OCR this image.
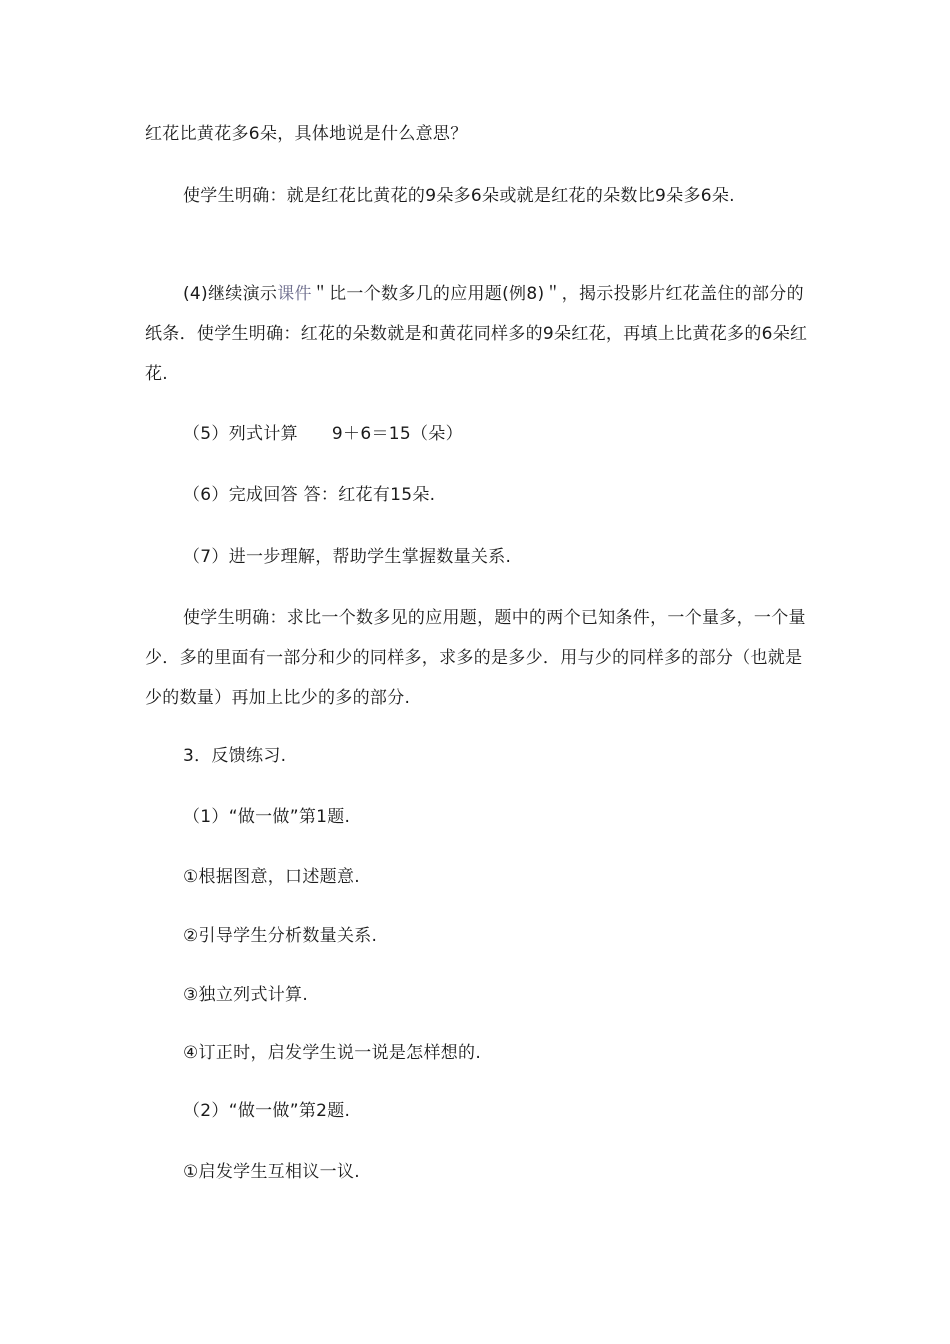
红花比黄花多6朵，具体地说是什么意思？

使学生明确：就是红花比黄花的9朵多6朵或就是红花的朵数比9朵多6朵.

(4)继续演示课件＂比一个数多几的应用题(例8)＂，揭示投影片红花盖住的部分的纸条．使学生明确：红花的朵数就是和黄花同样多的9朵红花，再填上比黄花多的6朵红花.

（5）列式计算 9＋6＝15（朵）

（6）完成回答 答：红花有15朵.

（7）进一步理解，帮助学生掌握数量关系.

使学生明确：求比一个数多见的应用题，题中的两个已知条件，一个量多，一个量少．多的里面有一部分和少的同样多，求多的是多少．用与少的同样多的部分（也就是少的数量）再加上比少的多的部分.

3．反馈练习.

（1）“做一做”第1题.

①根据图意，口述题意.

②引导学生分析数量关系.

③独立列式计算.

④订正时，启发学生说一说是怎样想的.

（2）“做一做”第2题.

①启发学生互相议一议.
